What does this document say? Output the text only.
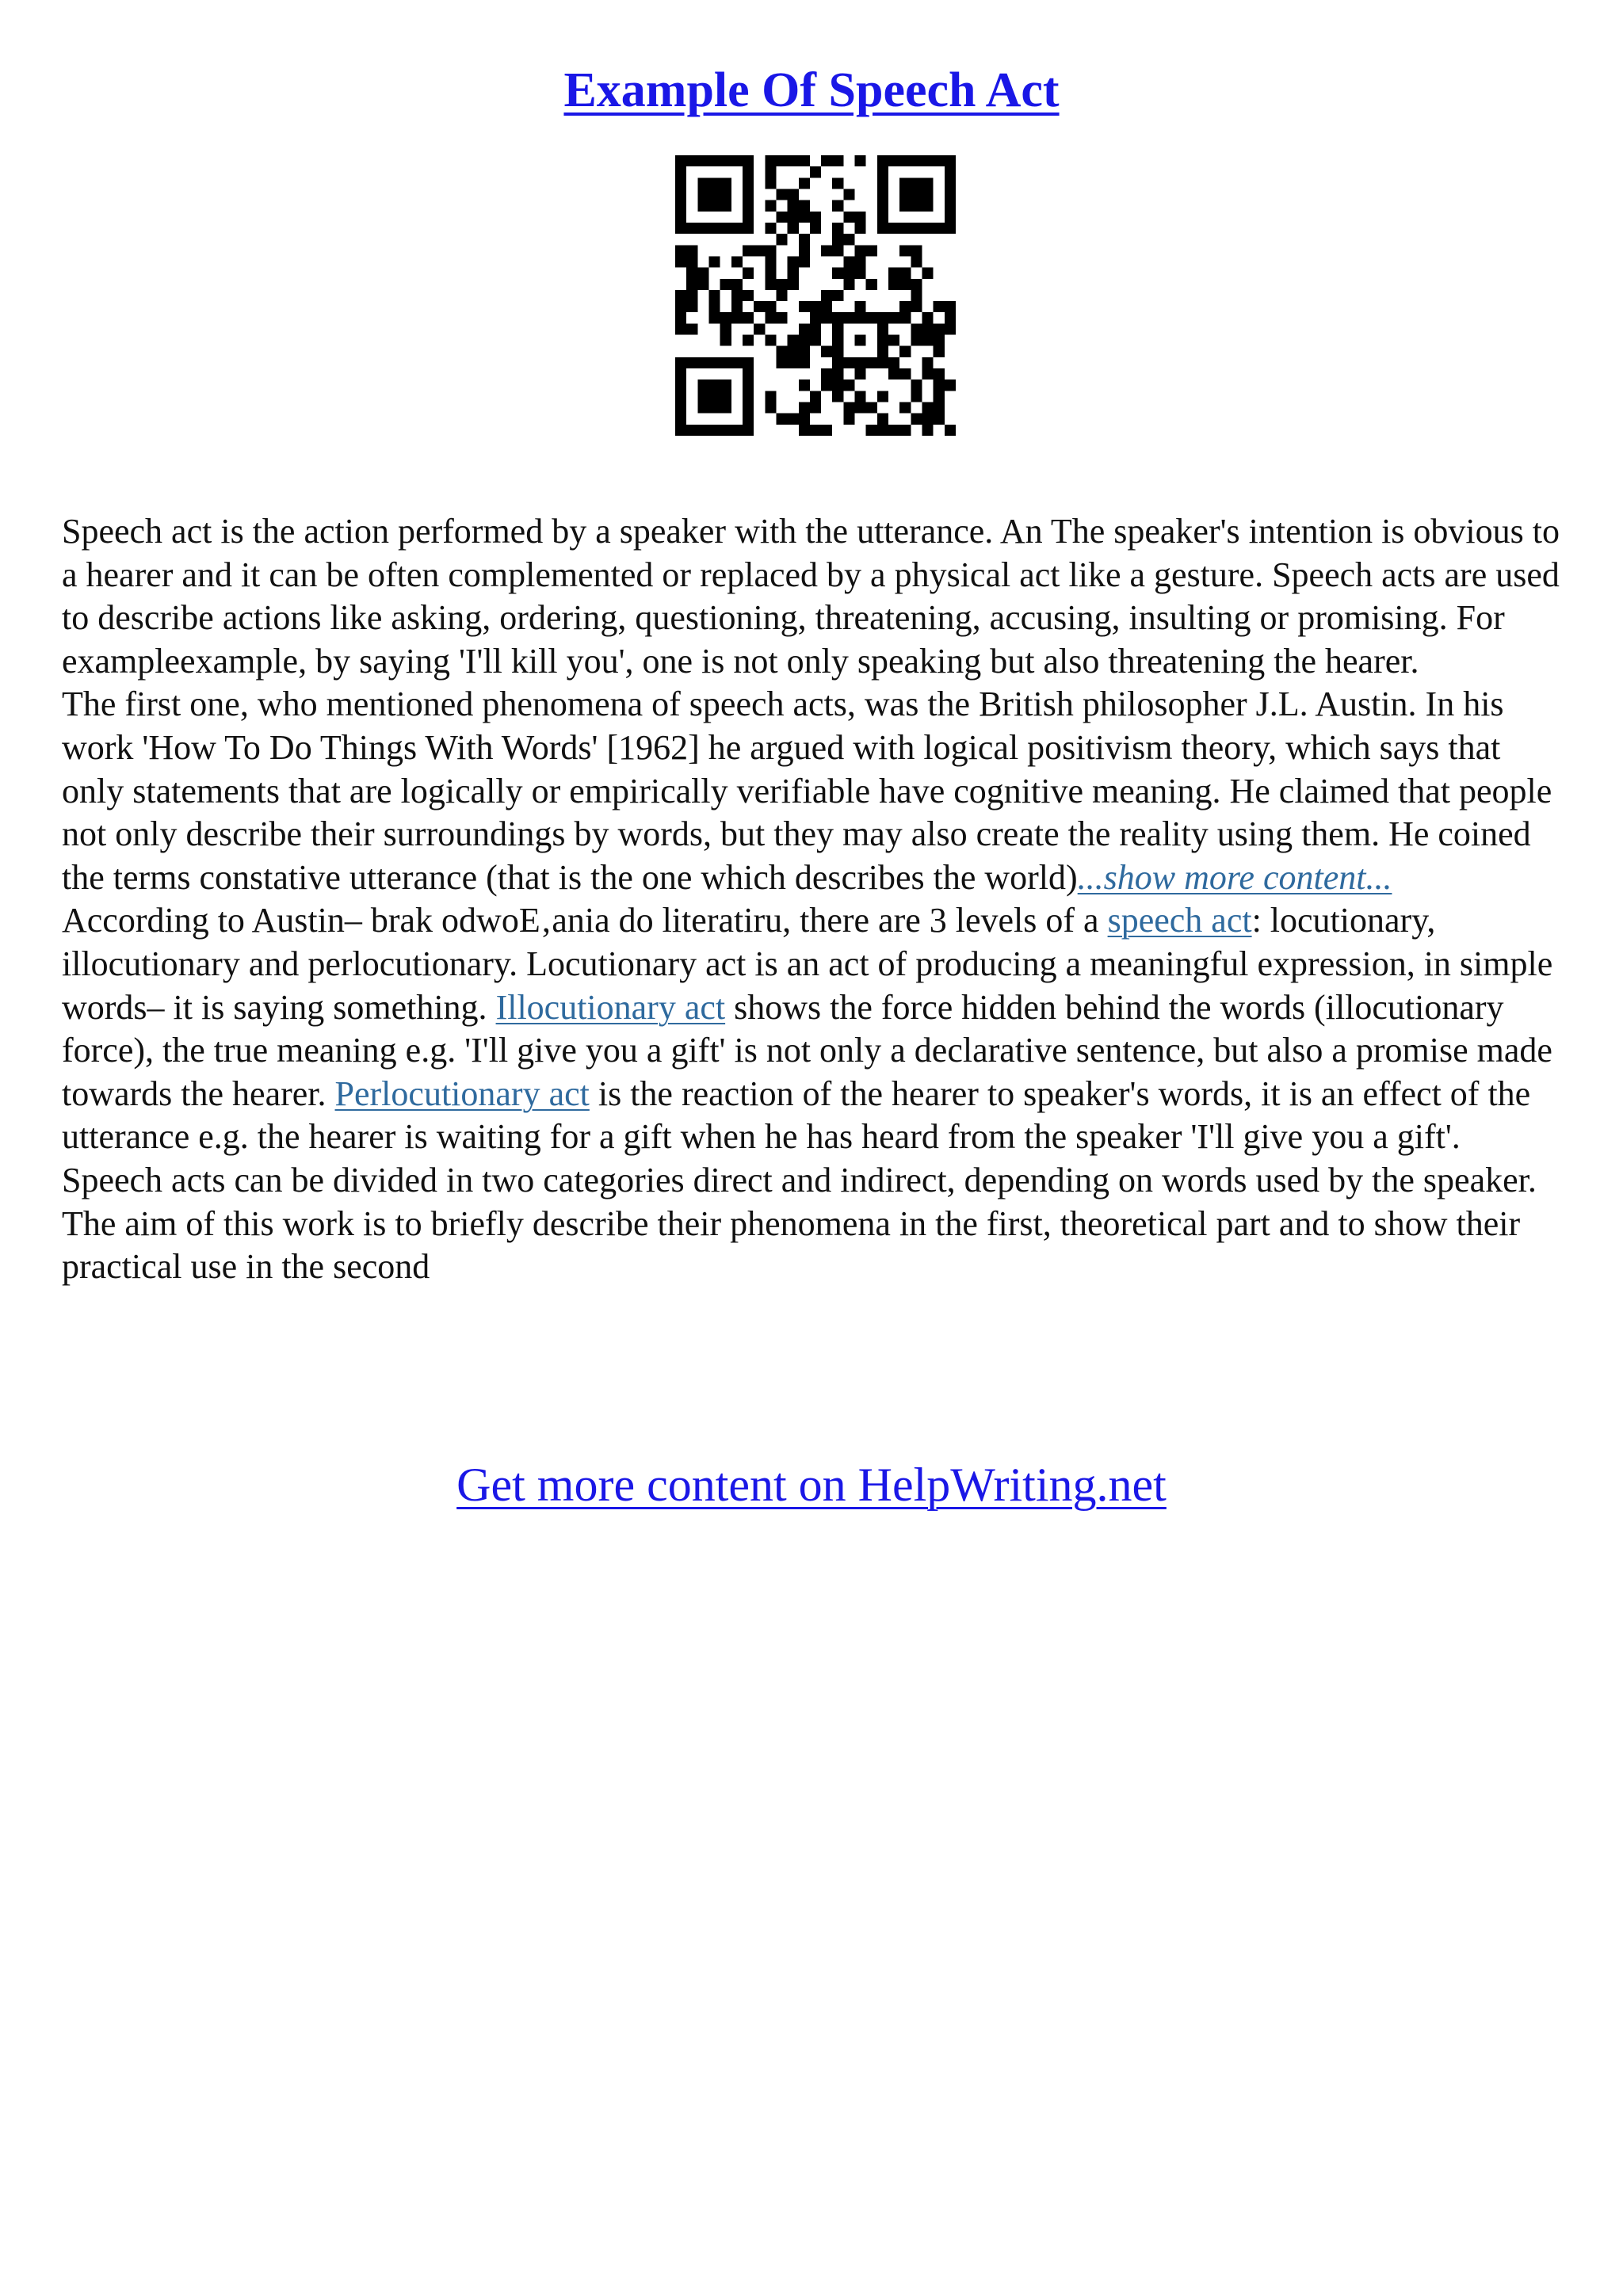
Example Of Speech Act

Speech act is the action performed by a speaker with the utterance. An The speaker's intention is obvious to a hearer and it can be often complemented or replaced by a physical act like a gesture. Speech acts are used to describe actions like asking, ordering, questioning, threatening, accusing, insulting or promising. For exampleexample, by saying 'I'll kill you', one is not only speaking but also threatening the hearer.

The first one, who mentioned phenomena of speech acts, was the British philosopher J.L. Austin. In his work 'How To Do Things With Words' [1962] he argued with logical positivism theory, which says that only statements that are logically or empirically verifiable have cognitive meaning. He claimed that people not only describe their surroundings by words, but they may also create the reality using them. He coined the terms constative utterance (that is the one which describes the world)...show more content...

According to Austin– brak odwoE‚ania do literatiru, there are 3 levels of a speech act: locutionary, illocutionary and perlocutionary. Locutionary act is an act of producing a meaningful expression, in simple words– it is saying something. Illocutionary act shows the force hidden behind the words (illocutionary force), the true meaning e.g. 'I'll give you a gift' is not only a declarative sentence, but also a promise made towards the hearer. Perlocutionary act is the reaction of the hearer to speaker's words, it is an effect of the utterance e.g. the hearer is waiting for a gift when he has heard from the speaker 'I'll give you a gift'.

Speech acts can be divided in two categories direct and indirect, depending on words used by the speaker. The aim of this work is to briefly describe their phenomena in the first, theoretical part and to show their practical use in the second

Get more content on HelpWriting.net
